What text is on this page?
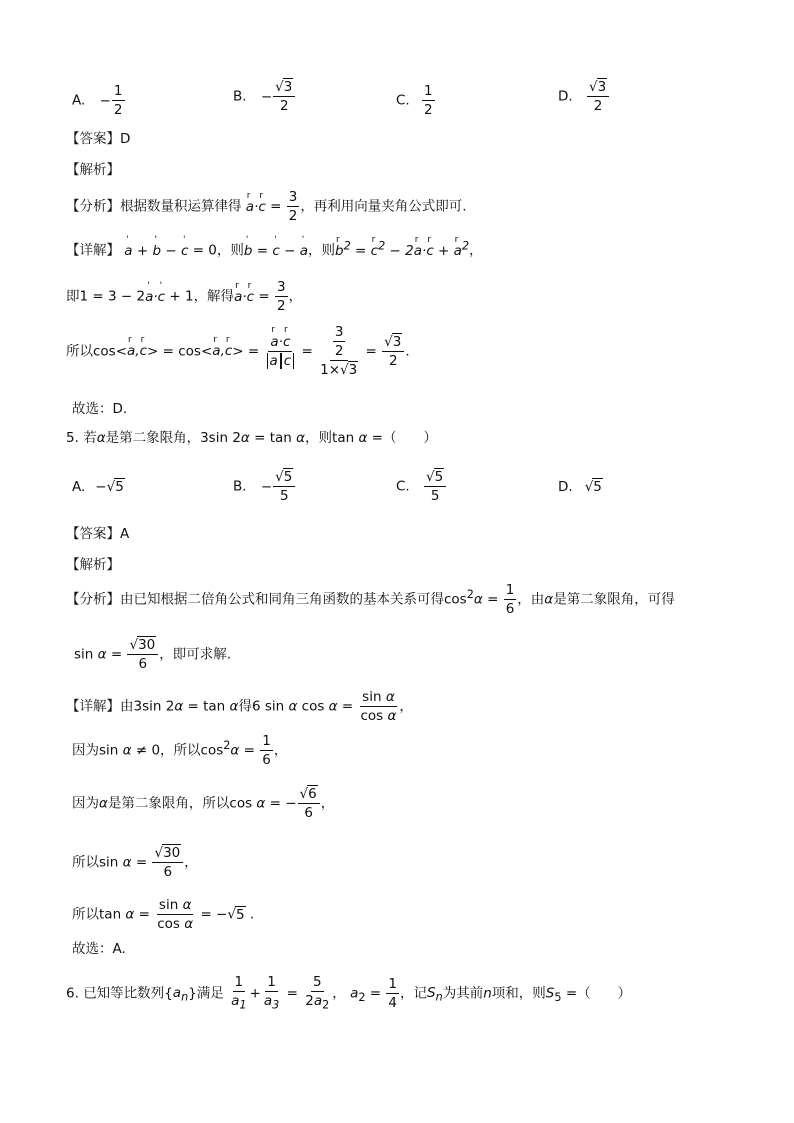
A. − $\frac{1}{2}$	B. − $\frac{√3}{2}$	C. $\frac{1}{2}$	D. $\frac{√3}{2}$
【答案】D
【解析】
【分析】根据数量积运算律得 r a·r $c = \frac{3}{2}$ ，再利用向量夹角公式即可.
【详解】 ' a + ' b − ' c = 0，则' b = ' c − ' a，则r $b^2 = r$ $c^2 - 2r$ a·r c + r $a^2$，
即1 = 3 − 2' a·' c + 1，解得r a·r $c = \frac{3}{2}$ ，
所以cos<r a,r c> = cos<r a,r c> = r $\frac{\text{a·r c}}{\text{a c}} = \frac{\frac{3}{2}}{1\times√3} = \frac{√3}{2}$ .
故选：D.
5. 若α是第二象限角，3sin 2α = tan α，则tan α =（　　）
A. −√5	B. − $\frac{√5}{5}$	C. $\frac{√5}{5}$	D. √5
【答案】A
【解析】
【分析】由已知根据二倍角公式和同角三角函数的基本关系可得$\cos^2\alpha = \frac{1}{6}$ ，由α是第二象限角，可得
$\sin \alpha = \frac{√30}{6}$ ，即可求解.
【详解】由3sin 2α = tan α得6 sin α $\cos \alpha = \frac{\text{sin α}}{\text{cos α}}$ ，
因为sin α ≠ 0，所以$\cos^2\alpha = \frac{1}{6}$ ，
因为α是第二象限角，所以cos α = − $\frac{√6}{6}$ ，
所以$\sin \alpha = \frac{√30}{6}$ ，
所以$\tan \alpha = \frac{\text{sin α}}{\text{cos α}} = -√5$ .
故选：A.
6. 已知等比数列$\{a_n\}$满足 $\frac{1}{a_1} + \frac{1}{a_3} = \frac{5}{2a_2}$ ， $a_2 = \frac{1}{4}$ ，记$S_n$为其前n项和，则$S_5$ =（　　）
